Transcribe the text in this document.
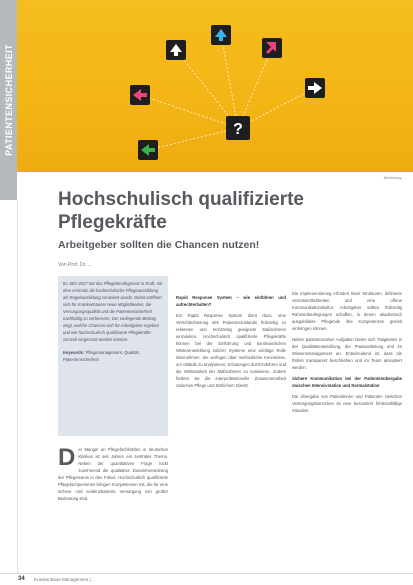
?
PATIENTENSICHERHEIT
Abbildung: ...
Hochschulisch qualifizierte Pflegekräfte
Arbeitgeber sollten die Chancen nutzen!
Von Prof. Dr. ...
Im Jahr 2017 trat das Pflegeberufegesetz in Kraft, mit dem erstmals die hochschulische Pflegeausbildung als Regelausbildung verankert wurde. Damit eröffnen sich für Krankenhäuser neue Möglichkeiten, die Versorgungsqualität und die Patientensicherheit nachhaltig zu verbessern. Der vorliegende Beitrag zeigt, welche Chancen sich für Arbeitgeber ergeben und wie hochschulisch qualifizierte Pflegekräfte sinnvoll eingesetzt werden können.
Keywords: Pflegemanagement, Qualität, Patientensicherheit
D er Mangel an Pflegefachkräften in deutschen Kliniken ist seit Jahren ein zentrales Thema. Neben der quantitativen Frage rückt zunehmend die qualitative Zusammensetzung der Pflegeteams in den Fokus. Hochschulisch qualifizierte Pflegefachpersonen bringen Kompetenzen mit, die für eine sichere und evidenzbasierte Versorgung von großer Bedeutung sind.

Rapid Response System – wie einführen und aufrechterhalten?

Ein Rapid Response System dient dazu, eine Verschlechterung des Patientenzustands frühzeitig zu erkennen und rechtzeitig geeignete Maßnahmen einzuleiten. Hochschulisch qualifizierte Pflegekräfte können bei der Einführung und kontinuierlichen Weiterentwicklung solcher Systeme eine wichtige Rolle übernehmen. Sie verfügen über methodische Kenntnisse, um Abläufe zu analysieren, Schulungen durchzuführen und die Wirksamkeit der Maßnahmen zu evaluieren. Zudem fördern sie die interprofessionelle Zusammenarbeit zwischen Pflege und ärztlichem Dienst.

Die Implementierung erfordert klare Strukturen, definierte Verantwortlichkeiten und eine offene Kommunikationskultur. Arbeitgeber sollten frühzeitig Rahmenbedingungen schaffen, in denen akademisch ausgebildete Pflegende ihre Kompetenzen gezielt einbringen können.

Neben patientennahen Aufgaben bieten sich Tätigkeiten in der Qualitätsentwicklung, der Praxisanleitung und im Wissensmanagement an. Entscheidend ist, dass die Rollen transparent beschrieben und im Team akzeptiert werden.

Sichere Kommunikation bei der Patientenübergabe zwischen Intensivstation und Normalstation

Die Übergabe von Patientinnen und Patienten zwischen Versorgungsbereichen ist eine besonders fehleranfällige Situation.

34 Krankenhaus-Management | ...
